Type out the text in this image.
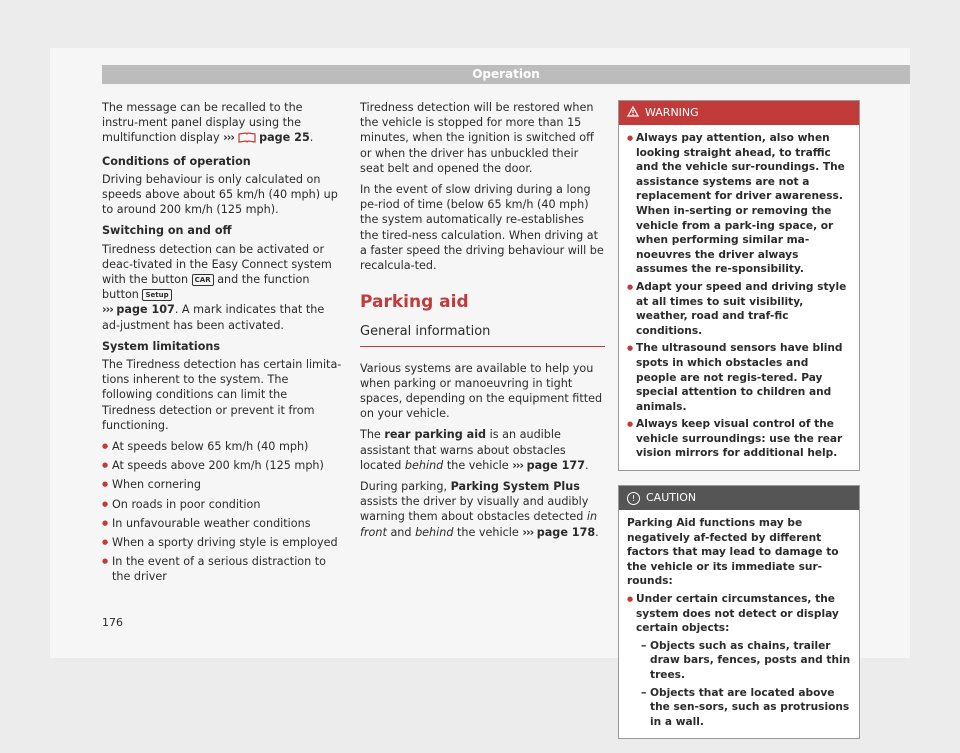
Operation

The message can be recalled to the instru-ment panel display using the multifunction display ››› page 25.

Conditions of operation

Driving behaviour is only calculated on speeds above about 65 km/h (40 mph) up to around 200 km/h (125 mph).

Switching on and off

Tiredness detection can be activated or deac-tivated in the Easy Connect system with the button CAR and the function button Setup
››› page 107. A mark indicates that the ad-justment has been activated.

System limitations

The Tiredness detection has certain limita-tions inherent to the system. The following conditions can limit the Tiredness detection or prevent it from functioning.

● At speeds below 65 km/h (40 mph)
● At speeds above 200 km/h (125 mph)
● When cornering
● On roads in poor condition
● In unfavourable weather conditions
● When a sporty driving style is employed
● In the event of a serious distraction to the driver

Tiredness detection will be restored when the vehicle is stopped for more than 15 minutes, when the ignition is switched off or when the driver has unbuckled their seat belt and opened the door.

In the event of slow driving during a long pe-riod of time (below 65 km/h (40 mph) the system automatically re-establishes the tired-ness calculation. When driving at a faster speed the driving behaviour will be recalcula-ted.

Parking aid
General information

Various systems are available to help you when parking or manoeuvring in tight spaces, depending on the equipment fitted on your vehicle.

The rear parking aid is an audible assistant that warns about obstacles located behind the vehicle ››› page 177.

During parking, Parking System Plus assists the driver by visually and audibly warning them about obstacles detected in front and behind the vehicle ››› page 178.

WARNING
● Always pay attention, also when looking straight ahead, to traffic and the vehicle sur-roundings. The assistance systems are not a replacement for driver awareness. When in-serting or removing the vehicle from a park-ing space, or when performing similar ma-noeuvres the driver always assumes the re-sponsibility.
● Adapt your speed and driving style at all times to suit visibility, weather, road and traf-fic conditions.
● The ultrasound sensors have blind spots in which obstacles and people are not regis-tered. Pay special attention to children and animals.
● Always keep visual control of the vehicle surroundings: use the rear vision mirrors for additional help.
! CAUTION

Parking Aid functions may be negatively af-fected by different factors that may lead to damage to the vehicle or its immediate sur-rounds:

● Under certain circumstances, the system does not detect or display certain objects:
– Objects such as chains, trailer draw bars, fences, posts and thin trees.
– Objects that are located above the sen-sors, such as protrusions in a wall.
176
